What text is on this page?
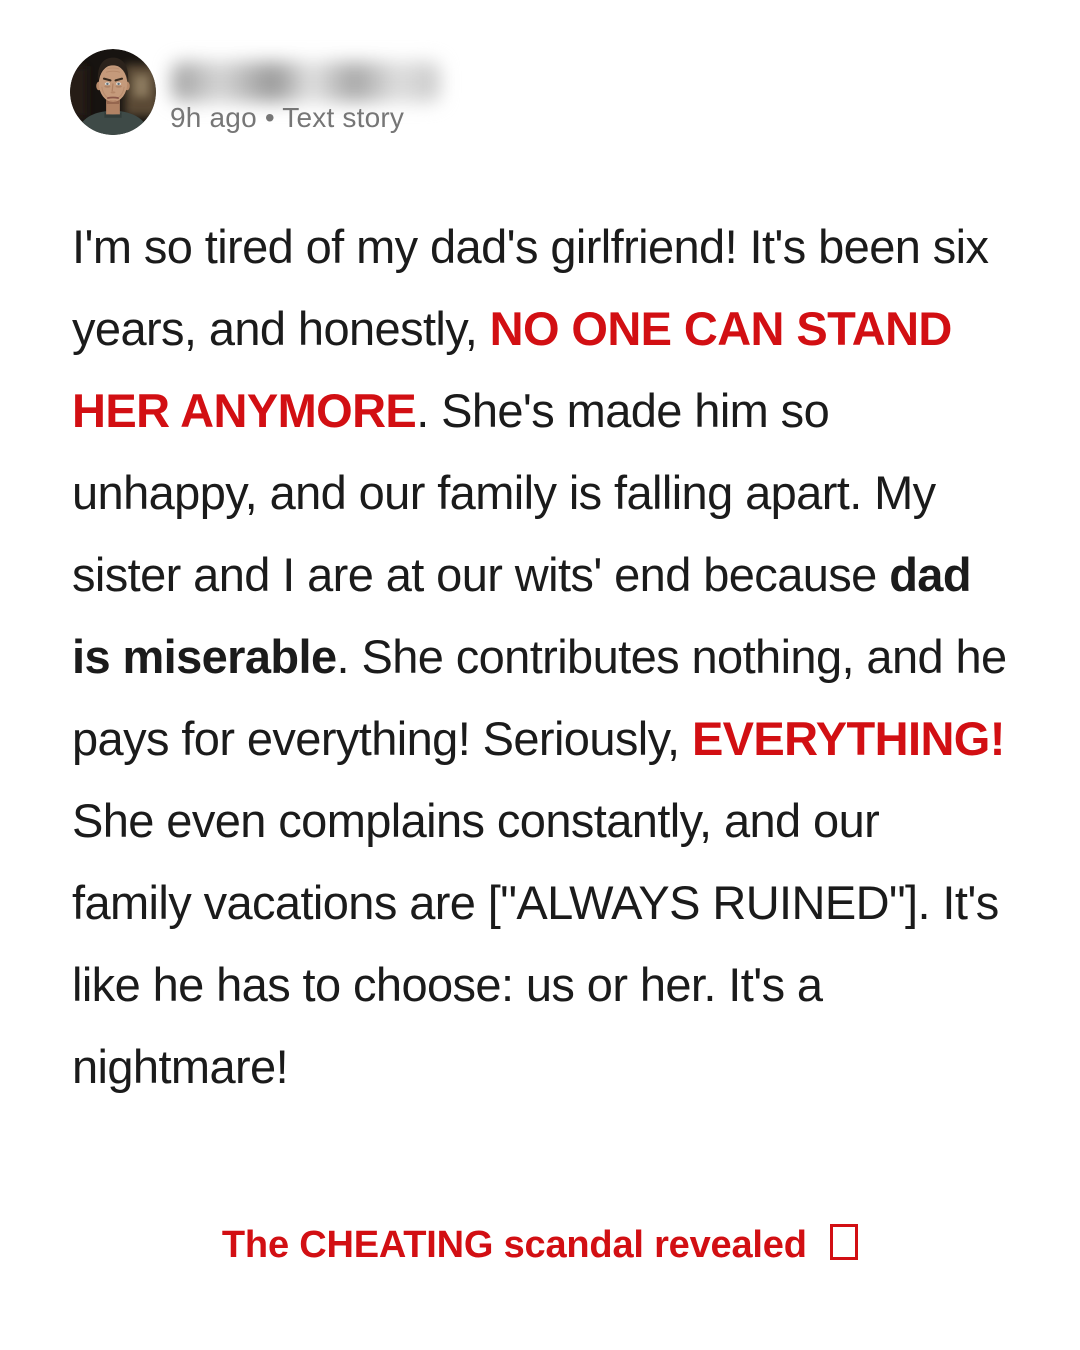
9h ago • Text story
I'm so tired of my dad's girlfriend! It's been six years, and honestly, NO ONE CAN STAND HER ANYMORE. She's made him so unhappy, and our family is falling apart. My sister and I are at our wits' end because dad is miserable. She contributes nothing, and he pays for everything! Seriously, EVERYTHING! She even complains constantly, and our family vacations are ["ALWAYS RUINED"]. It's like he has to choose: us or her. It's a nightmare!
The CHEATING scandal revealed
